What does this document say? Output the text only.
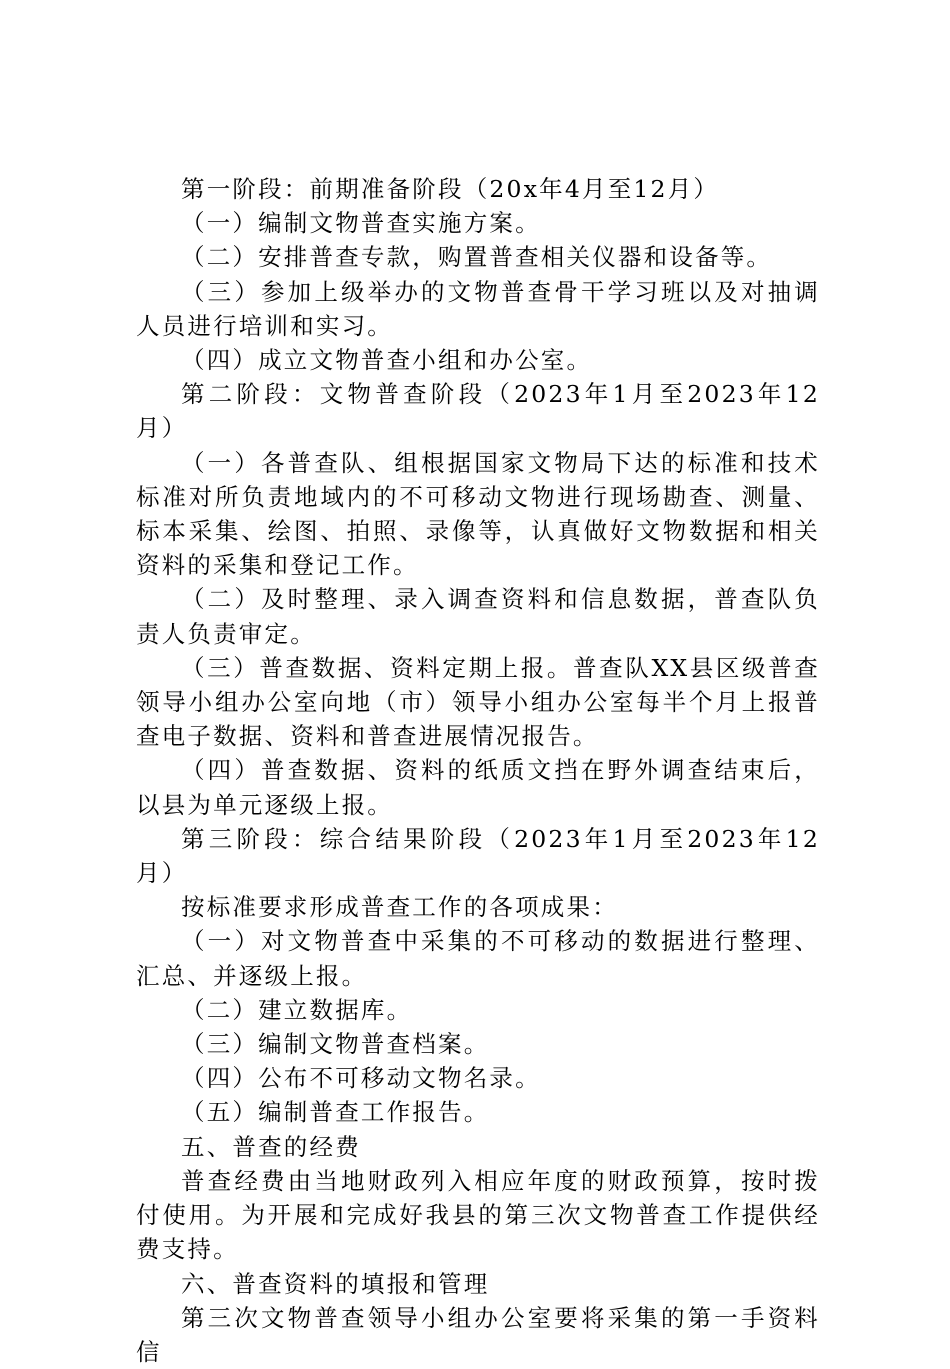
第一阶段：前期准备阶段（20x年4月至12月）

（一）编制文物普查实施方案。

（二）安排普查专款，购置普查相关仪器和设备等。

（三）参加上级举办的文物普查骨干学习班以及对抽调人员进行培训和实习。

（四）成立文物普查小组和办公室。

第二阶段：文物普查阶段（2023年1月至2023年12月）

（一）各普查队、组根据国家文物局下达的标准和技术标准对所负责地域内的不可移动文物进行现场勘查、测量、标本采集、绘图、拍照、录像等，认真做好文物数据和相关资料的采集和登记工作。

（二）及时整理、录入调查资料和信息数据，普查队负责人负责审定。

（三）普查数据、资料定期上报。普查队XX县区级普查领导小组办公室向地（市）领导小组办公室每半个月上报普查电子数据、资料和普查进展情况报告。

（四）普查数据、资料的纸质文挡在野外调查结束后，以县为单元逐级上报。

第三阶段：综合结果阶段（2023年1月至2023年12月）

按标准要求形成普查工作的各项成果：

（一）对文物普查中采集的不可移动的数据进行整理、汇总、并逐级上报。

（二）建立数据库。

（三）编制文物普查档案。

（四）公布不可移动文物名录。

（五）编制普查工作报告。

五、普查的经费

普查经费由当地财政列入相应年度的财政预算，按时拨付使用。为开展和完成好我县的第三次文物普查工作提供经费支持。

六、普查资料的填报和管理

第三次文物普查领导小组办公室要将采集的第一手资料信
